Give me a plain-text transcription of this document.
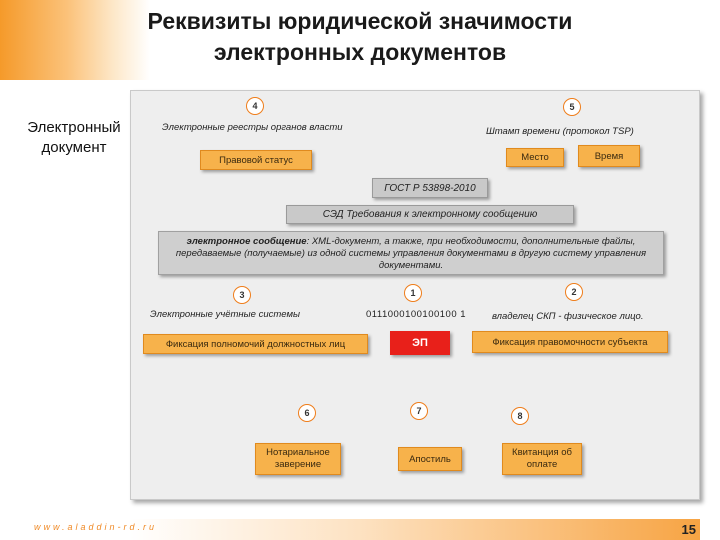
Реквизиты юридической значимости
электронных документов
Электронный
документ
4	5
Электронные реестры органов власти	Штамп времени (протокол TSP)
Правовой статус	Место	Время
ГОСТ Р 53898-2010
СЭД Требования к электронному сообщению
электронное сообщение: XML-документ, а также, при необходимости, дополнительные файлы, передаваемые (получаемые) из одной системы управления документами в другую систему управления документами.
3	1	2
Электронные учётные системы	0111000100100100 1	владелец СКП - физическое лицо.
Фиксация полномочий должностных лиц	ЭП	Фиксация правомочности субъекта
6	7	8
Нотариальное заверение	Апостиль
Квитанция об оплате
www.aladdin-rd.ru	15
